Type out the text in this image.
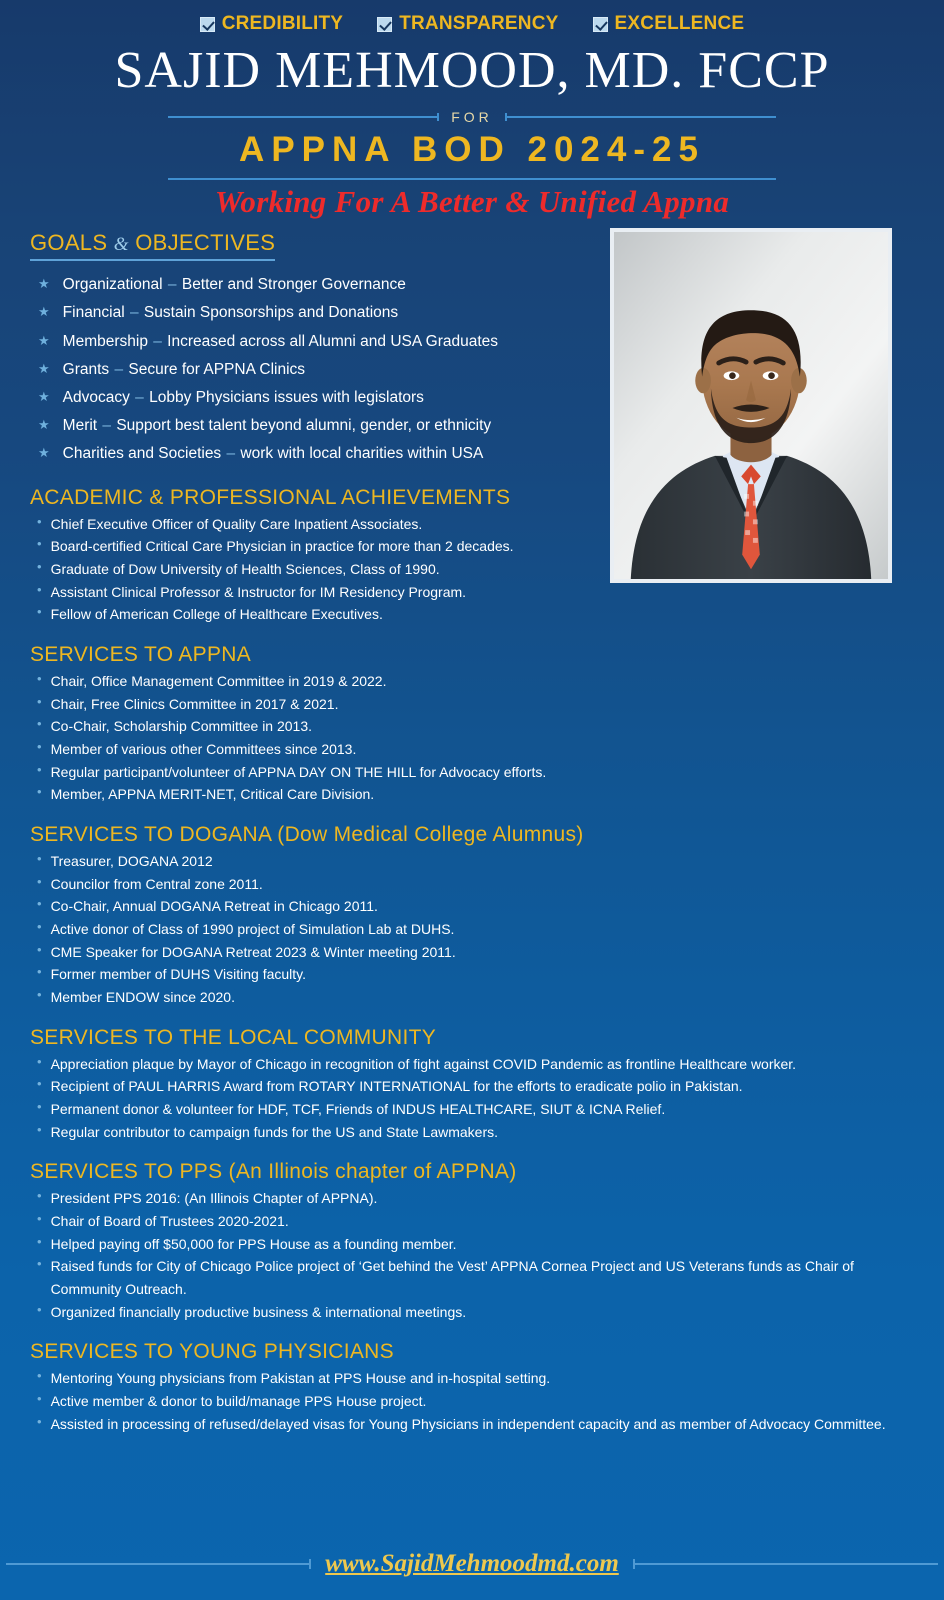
CREDIBILITY	TRANSPARENCY	EXCELLENCE
SAJID MEHMOOD, MD. FCCP
FOR
APPNA BOD 2024-25
Working For A Better & Unified Appna
GOALS & OBJECTIVES
★ Organizational – Better and Stronger Governance
★ Financial – Sustain Sponsorships and Donations
★ Membership – Increased across all Alumni and USA Graduates
★ Grants – Secure for APPNA Clinics
★ Advocacy – Lobby Physicians issues with legislators
★ Merit – Support best talent beyond alumni, gender, or ethnicity
★ Charities and Societies – work with local charities within USA
ACADEMIC & PROFESSIONAL ACHIEVEMENTS
• Chief Executive Officer of Quality Care Inpatient Associates.
• Board-certified Critical Care Physician in practice for more than 2 decades.
• Graduate of Dow University of Health Sciences, Class of 1990.
• Assistant Clinical Professor & Instructor for IM Residency Program.
• Fellow of American College of Healthcare Executives.
SERVICES TO APPNA
• Chair, Office Management Committee in 2019 & 2022.
• Chair, Free Clinics Committee in 2017 & 2021.
• Co-Chair, Scholarship Committee in 2013.
• Member of various other Committees since 2013.
• Regular participant/volunteer of APPNA DAY ON THE HILL for Advocacy efforts.
• Member, APPNA MERIT-NET, Critical Care Division.
SERVICES TO DOGANA (Dow Medical College Alumnus)
• Treasurer, DOGANA 2012
• Councilor from Central zone 2011.
• Co-Chair, Annual DOGANA Retreat in Chicago 2011.
• Active donor of Class of 1990 project of Simulation Lab at DUHS.
• CME Speaker for DOGANA Retreat 2023 & Winter meeting 2011.
• Former member of DUHS Visiting faculty.
• Member ENDOW since 2020.
SERVICES TO THE LOCAL COMMUNITY
• Appreciation plaque by Mayor of Chicago in recognition of fight against COVID Pandemic as frontline Healthcare worker.
• Recipient of PAUL HARRIS Award from ROTARY INTERNATIONAL for the efforts to eradicate polio in Pakistan.
• Permanent donor & volunteer for HDF, TCF, Friends of INDUS HEALTHCARE, SIUT & ICNA Relief.
• Regular contributor to campaign funds for the US and State Lawmakers.
SERVICES TO PPS (An Illinois chapter of APPNA)
• President PPS 2016: (An Illinois Chapter of APPNA).
• Chair of Board of Trustees 2020-2021.
• Helped paying off $50,000 for PPS House as a founding member.
• Raised funds for City of Chicago Police project of ‘Get behind the Vest’ APPNA Cornea Project and US Veterans funds as Chair of Community Outreach.
• Organized financially productive business & international meetings.
SERVICES TO YOUNG PHYSICIANS
• Mentoring Young physicians from Pakistan at PPS House and in-hospital setting.
• Active member & donor to build/manage PPS House project.
• Assisted in processing of refused/delayed visas for Young Physicians in independent capacity and as member of Advocacy Committee.
www.SajidMehmoodmd.com
